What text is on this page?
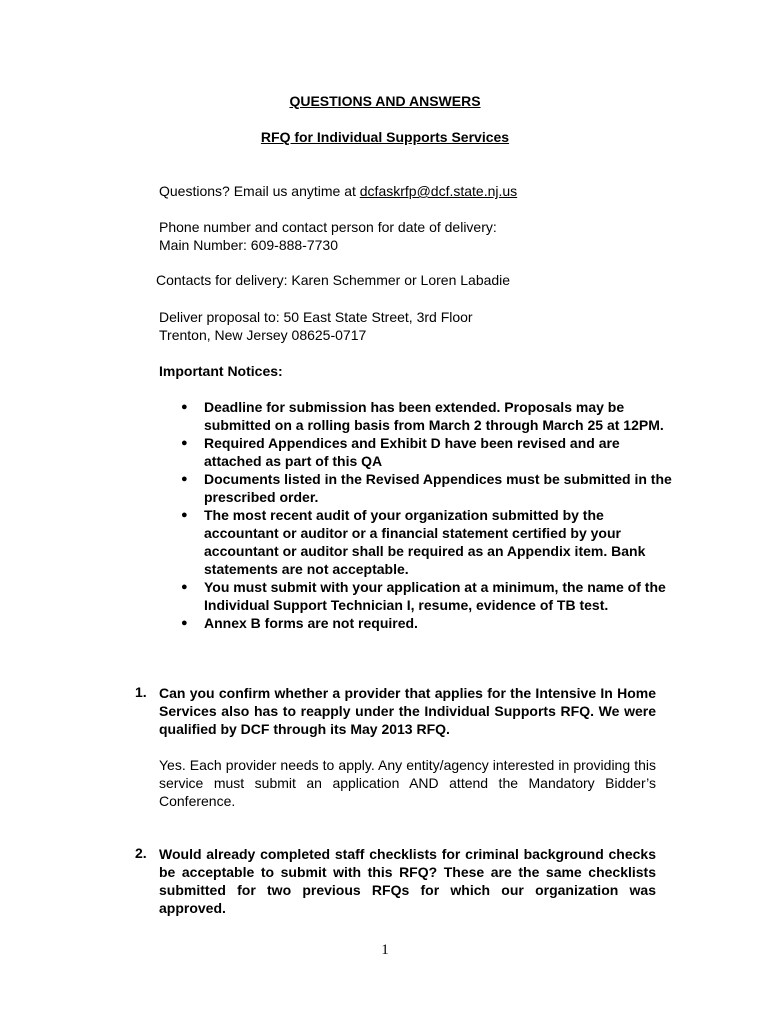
QUESTIONS AND ANSWERS
RFQ for Individual Supports Services
Questions? Email us anytime at dcfaskrfp@dcf.state.nj.us
Phone number and contact person for date of delivery:
Main Number: 609-888-7730
Contacts for delivery: Karen Schemmer or Loren Labadie
Deliver proposal to: 50 East State Street, 3rd Floor
Trenton, New Jersey 08625-0717
Important Notices:
● Deadline for submission has been extended. Proposals may be submitted on a rolling basis from March 2 through March 25 at 12PM.
● Required Appendices and Exhibit D have been revised and are attached as part of this QA
● Documents listed in the Revised Appendices must be submitted in the prescribed order.
● The most recent audit of your organization submitted by the accountant or auditor or a financial statement certified by your accountant or auditor shall be required as an Appendix item. Bank statements are not acceptable.
● You must submit with your application at a minimum, the name of the Individual Support Technician I, resume, evidence of TB test.
● Annex B forms are not required.
1. Can you confirm whether a provider that applies for the Intensive In Home Services also has to reapply under the Individual Supports RFQ. We were qualified by DCF through its May 2013 RFQ.
Yes. Each provider needs to apply. Any entity/agency interested in providing this service must submit an application AND attend the Mandatory Bidder’s Conference.
2. Would already completed staff checklists for criminal background checks be acceptable to submit with this RFQ? These are the same checklists submitted for two previous RFQs for which our organization was approved.
1
